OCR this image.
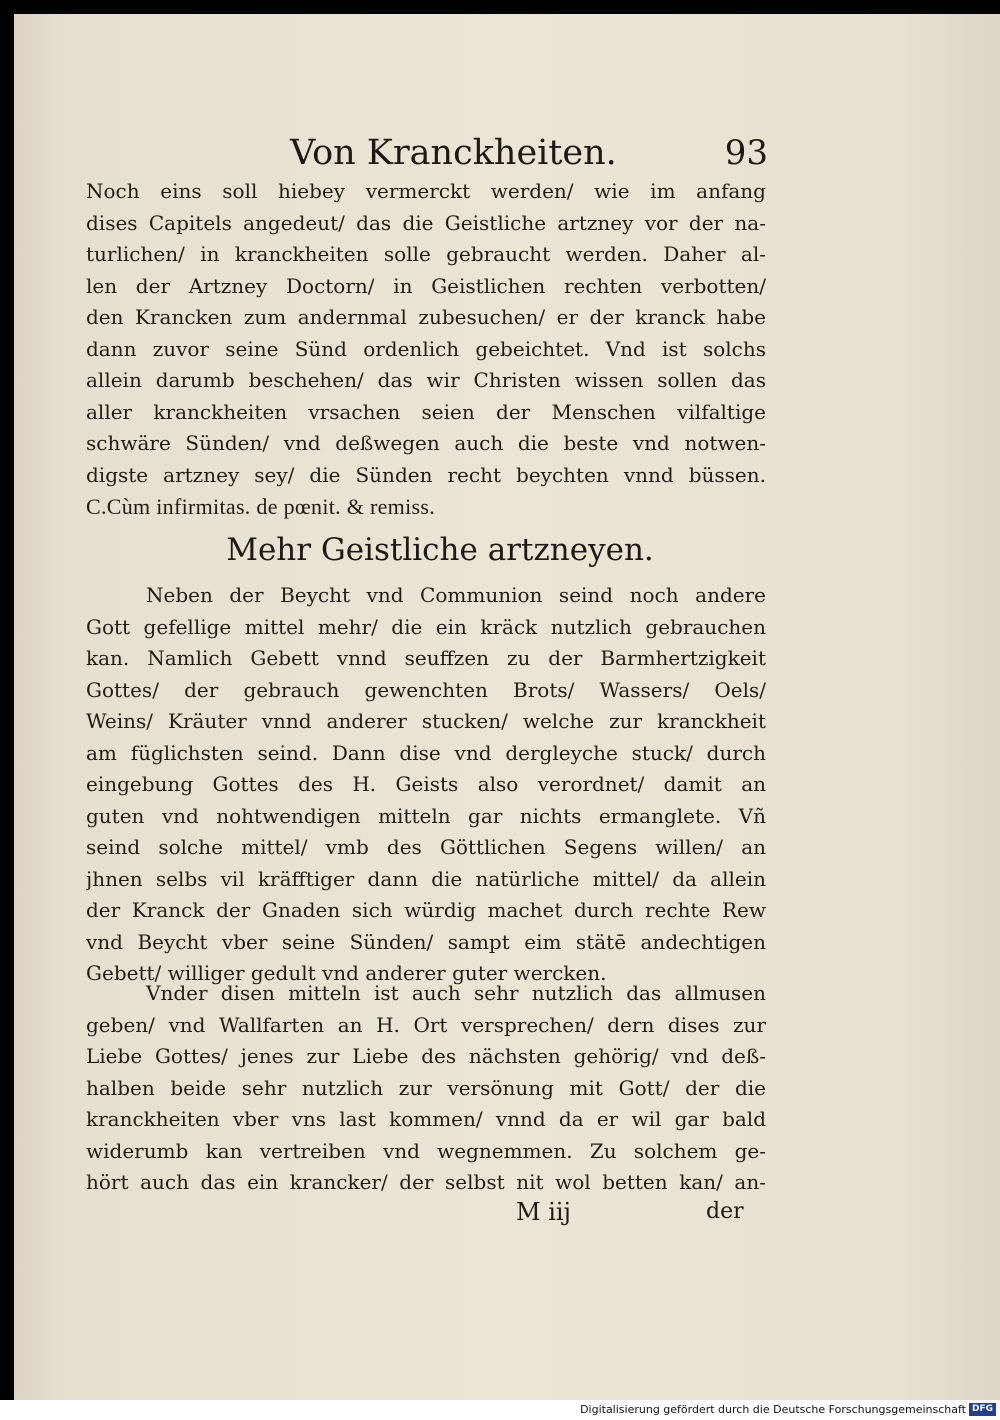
Von Kranckheiten.	93
Noch eins soll hiebey vermerckt werden/ wie im anfang
dises Capitels angedeut/ das die Geistliche artzney vor der na-
turlichen/ in kranckheiten solle gebraucht werden. Daher al-
len der Artzney Doctorn/ in Geistlichen rechten verbotten/
den Krancken zum andernmal zubesuchen/ er der kranck habe
dann zuvor seine Sünd ordenlich gebeichtet. Vnd ist solchs
allein darumb beschehen/ das wir Christen wissen sollen das
aller kranckheiten vrsachen seien der Menschen vilfaltige
schwäre Sünden/ vnd deßwegen auch die beste vnd notwen-
digste artzney sey/ die Sünden recht beychten vnnd büssen.
C.Cùm infirmitas. de pœnit. & remiss.
Mehr Geistliche artzneyen.
Neben der Beycht vnd Communion seind noch andere
Gott gefellige mittel mehr/ die ein kräck nutzlich gebrauchen
kan. Namlich Gebett vnnd seuffzen zu der Barmhertzigkeit
Gottes/ der gebrauch gewenchten Brots/ Wassers/ Oels/
Weins/ Kräuter vnnd anderer stucken/ welche zur kranckheit
am füglichsten seind. Dann dise vnd dergleyche stuck/ durch
eingebung Gottes des H. Geists also verordnet/ damit an
guten vnd nohtwendigen mitteln gar nichts ermanglete. Vñ
seind solche mittel/ vmb des Göttlichen Segens willen/ an
jhnen selbs vil kräfftiger dann die natürliche mittel/ da allein
der Kranck der Gnaden sich würdig machet durch rechte Rew
vnd Beycht vber seine Sünden/ sampt eim stätē andechtigen
Gebett/ williger gedult vnd anderer guter wercken.
Vnder disen mitteln ist auch sehr nutzlich das allmusen
geben/ vnd Wallfarten an H. Ort versprechen/ dern dises zur
Liebe Gottes/ jenes zur Liebe des nächsten gehörig/ vnd deß-
halben beide sehr nutzlich zur versönung mit Gott/ der die
kranckheiten vber vns last kommen/ vnnd da er wil gar bald
widerumb kan vertreiben vnd wegnemmen. Zu solchem ge-
hört auch das ein krancker/ der selbst nit wol betten kan/ an-
M iij	der
Digitalisierung gefördert durch die Deutsche Forschungsgemeinschaft DFG
